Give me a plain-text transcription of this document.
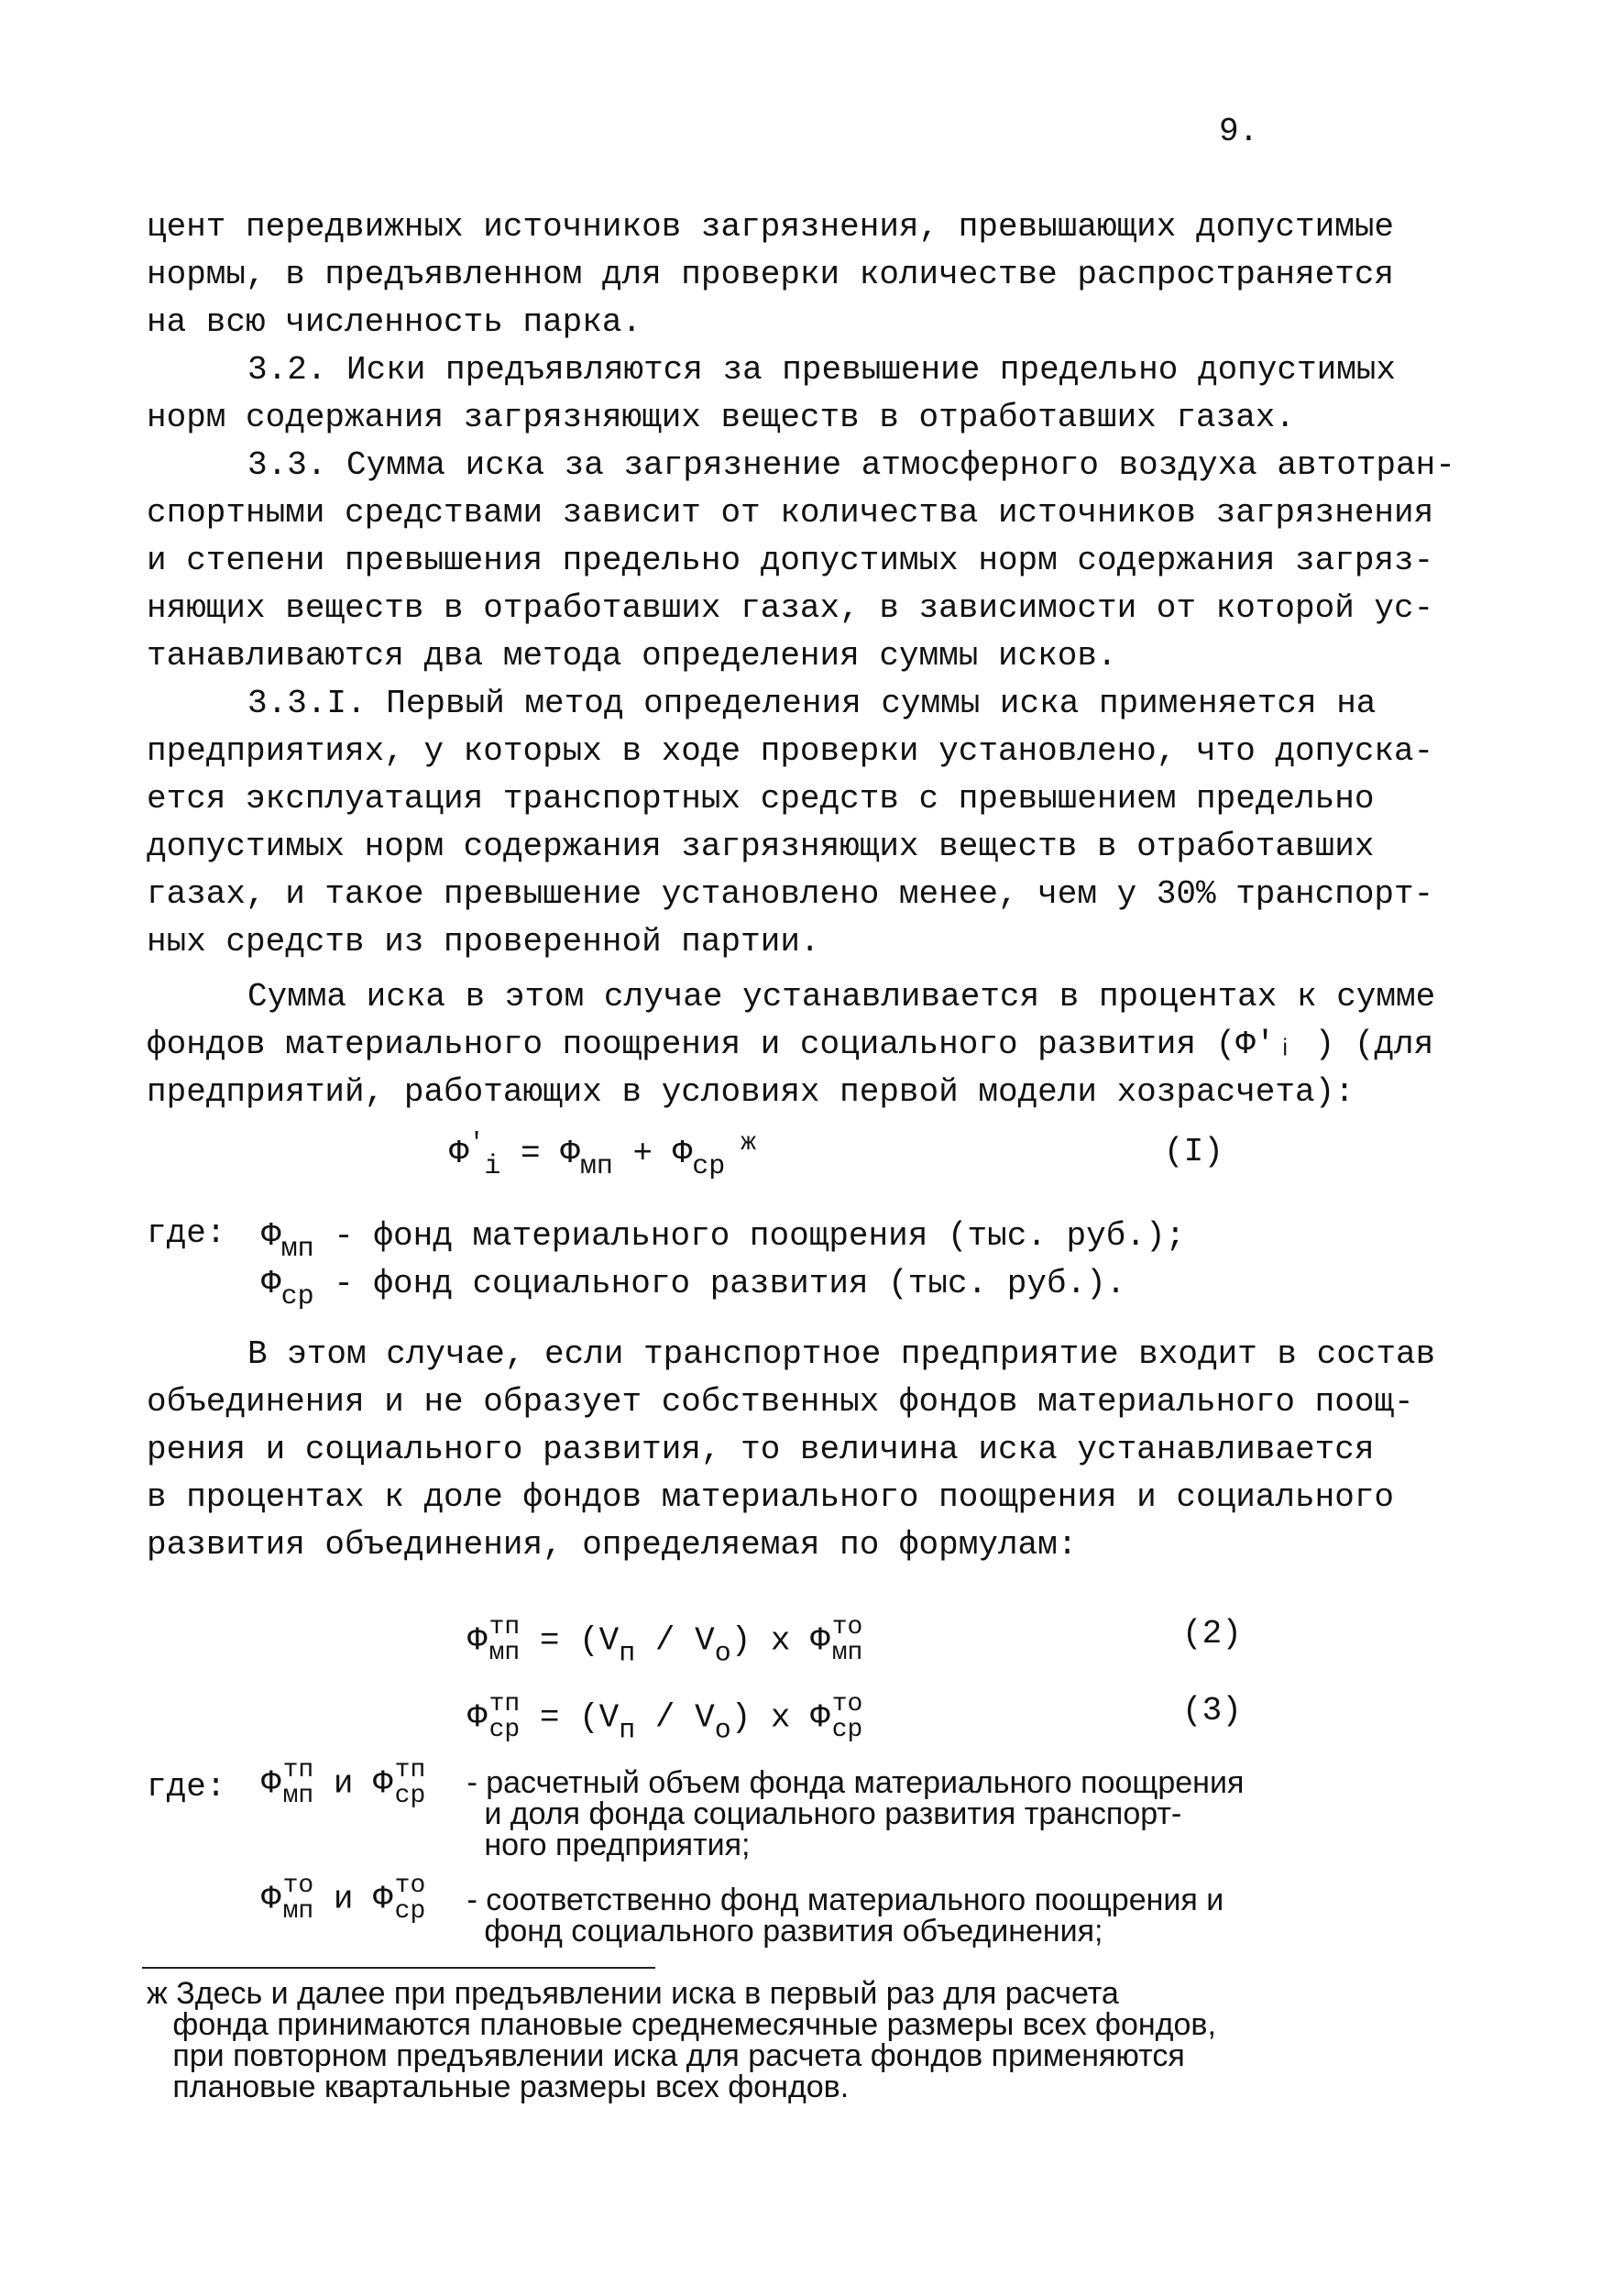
9.
цент передвижных источников загрязнения, превышающих допустимые
нормы, в предъявленном для проверки количестве распространяется
на всю численность парка.
3.2. Иски предъявляются за превышение предельно допустимых
норм содержания загрязняющих веществ в отработавших газах.
3.3. Сумма иска за загрязнение атмосферного воздуха автотран-
спортными средствами зависит от количества источников загрязнения
и степени превышения предельно допустимых норм содержания загряз-
няющих веществ в отработавших газах, в зависимости от которой ус-
танавливаются два метода определения суммы исков.
3.3.I. Первый метод определения суммы иска применяется на
предприятиях, у которых в ходе проверки установлено, что допуска-
ется эксплуатация транспортных средств с превышением предельно
допустимых норм содержания загрязняющих веществ в отработавших
газах, и такое превышение установлено менее, чем у 30% транспорт-
ных средств из проверенной партии.
Сумма иска в этом случае устанавливается в процентах к сумме
фондов материального поощрения и социального развития (Ф'ᵢ ) (для
предприятий, работающих в условиях первой модели хозрасчета):
$Ф'_i = Ф_{мп} + Ф_{ср}$ $^ж$	(I)
где: $Ф_{мп}$ - фонд материального поощрения (тыс. руб.);
$Ф_{ср}$ - фонд социального развития (тыс. руб.).
В этом случае, если транспортное предприятие входит в состав
объединения и не образует собственных фондов материального поощ-
рения и социального развития, то величина иска устанавливается
в процентах к доле фондов материального поощрения и социального
развития объединения, определяемая по формулам:
Ф тп
мп = $(V_п / V_о)$ x Ф то
мп
(2)
Ф тп
ср = $(V_п / V_о)$ x Ф то
ср
(3)
где: Ф тп
мп и Ф тп
ср - расчетный объем фонда материального поощрения
и доля фонда социального развития транспорт-
ного предприятия;
Ф то
мп и Ф то
ср - соответственно фонд материального поощрения и
фонд социального развития объединения;
ж Здесь и далее при предъявлении иска в первый раз для расчета
фонда принимаются плановые среднемесячные размеры всех фондов,
при повторном предъявлении иска для расчета фондов применяются
плановые квартальные размеры всех фондов.
